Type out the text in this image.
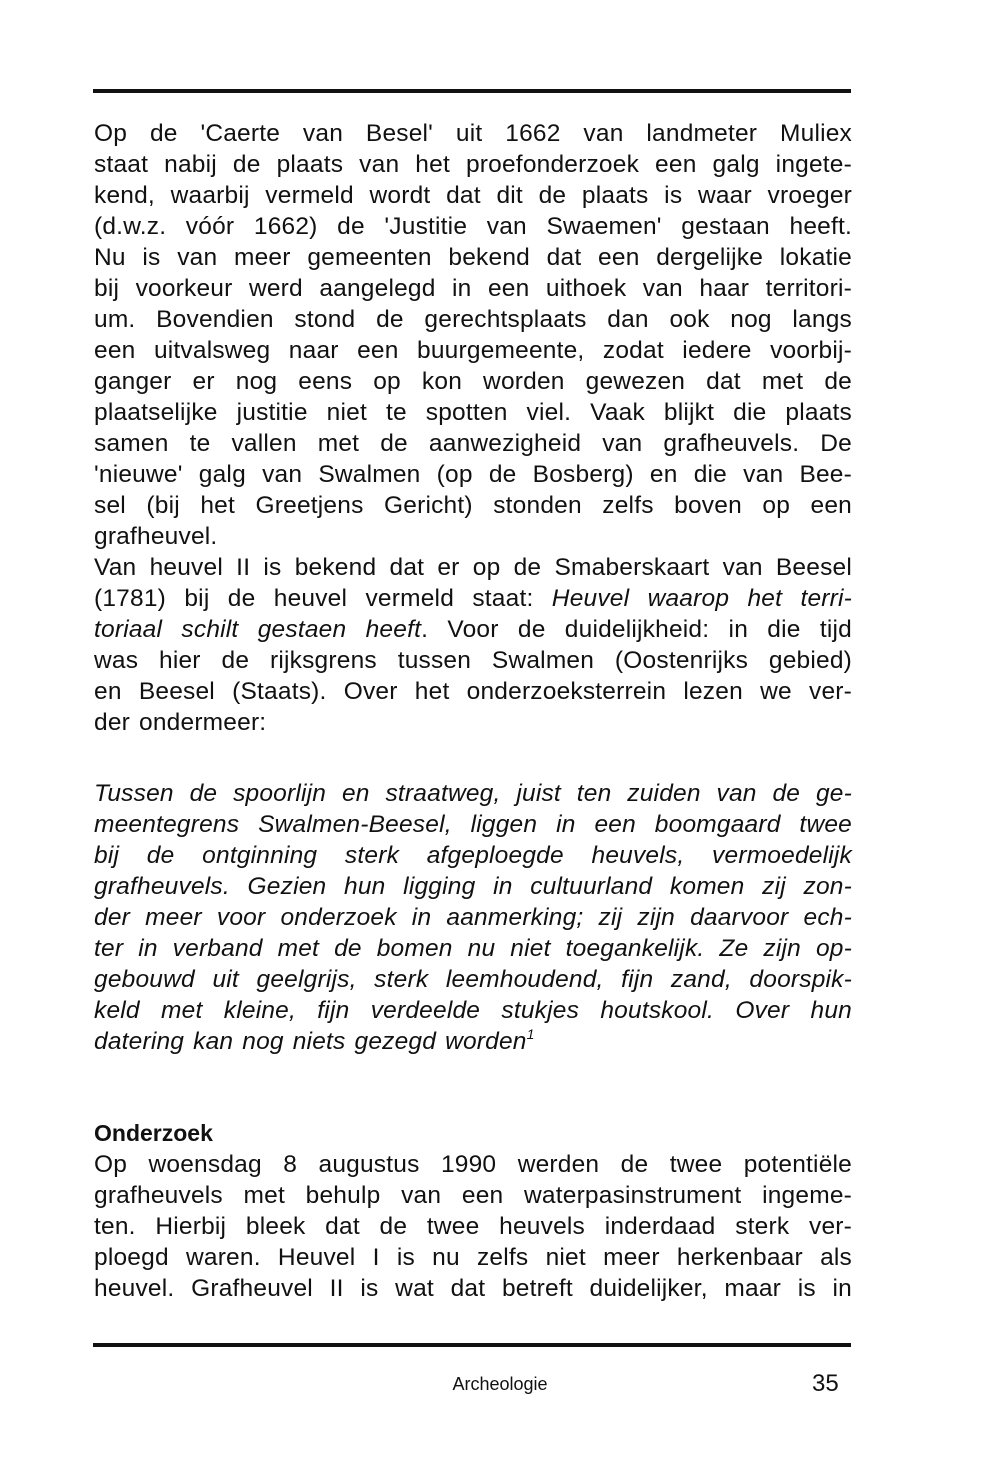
Op de 'Caerte van Besel' uit 1662 van landmeter Muliex
staat nabij de plaats van het proefonderzoek een galg ingete-
kend, waarbij vermeld wordt dat dit de plaats is waar vroeger
(d.w.z. vóór 1662) de 'Justitie van Swaemen' gestaan heeft.
Nu is van meer gemeenten bekend dat een dergelijke lokatie
bij voorkeur werd aangelegd in een uithoek van haar territori-
um. Bovendien stond de gerechtsplaats dan ook nog langs
een uitvalsweg naar een buurgemeente, zodat iedere voorbij-
ganger er nog eens op kon worden gewezen dat met de
plaatselijke justitie niet te spotten viel. Vaak blijkt die plaats
samen te vallen met de aanwezigheid van grafheuvels. De
'nieuwe' galg van Swalmen (op de Bosberg) en die van Bee-
sel (bij het Greetjens Gericht) stonden zelfs boven op een
grafheuvel.
Van heuvel II is bekend dat er op de Smaberskaart van Beesel
(1781) bij de heuvel vermeld staat: Heuvel waarop het terri-
toriaal schilt gestaen heeft. Voor de duidelijkheid: in die tijd
was hier de rijksgrens tussen Swalmen (Oostenrijks gebied)
en Beesel (Staats). Over het onderzoeksterrein lezen we ver-
der ondermeer:
Tussen de spoorlijn en straatweg, juist ten zuiden van de ge-
meentegrens Swalmen-Beesel, liggen in een boomgaard twee
bij de ontginning sterk afgeploegde heuvels, vermoedelijk
grafheuvels. Gezien hun ligging in cultuurland komen zij zon-
der meer voor onderzoek in aanmerking; zij zijn daarvoor ech-
ter in verband met de bomen nu niet toegankelijk. Ze zijn op-
gebouwd uit geelgrijs, sterk leemhoudend, fijn zand, doorspik-
keld met kleine, fijn verdeelde stukjes houtskool. Over hun
datering kan nog niets gezegd worden$^1$
Onderzoek
Op woensdag 8 augustus 1990 werden de twee potentiële
grafheuvels met behulp van een waterpasinstrument ingeme-
ten. Hierbij bleek dat de twee heuvels inderdaad sterk ver-
ploegd waren. Heuvel I is nu zelfs niet meer herkenbaar als
heuvel. Grafheuvel II is wat dat betreft duidelijker, maar is in
Archeologie	35
